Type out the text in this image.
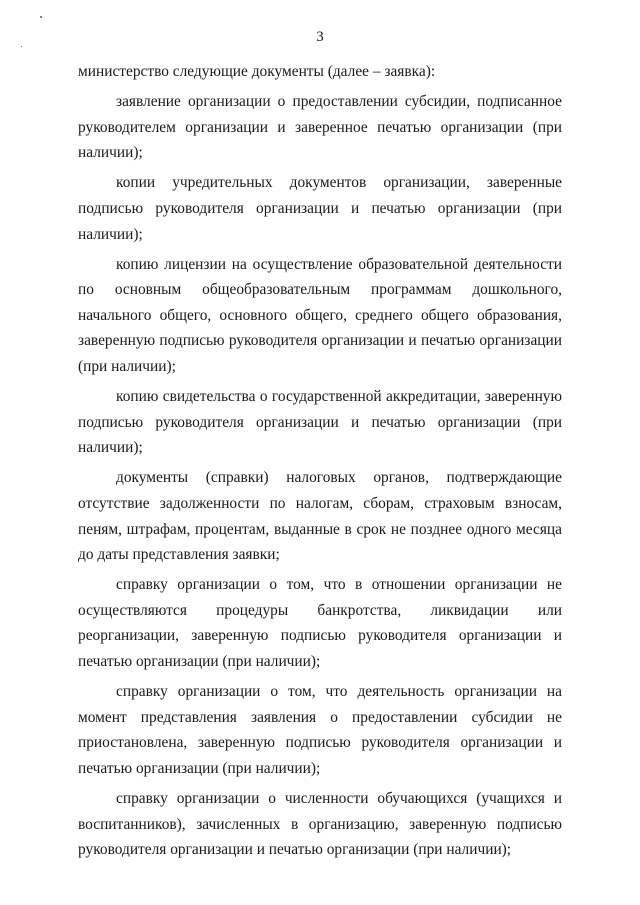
3

министерство следующие документы (далее – заявка):

заявление организации о предоставлении субсидии, подписанное руководителем организации и заверенное печатью организации (при наличии);

копии учредительных документов организации, заверенные подписью руководителя организации и печатью организации (при наличии);

копию лицензии на осуществление образовательной деятельности по основным общеобразовательным программам дошкольного, начального общего, основного общего, среднего общего образования, заверенную подписью руководителя организации и печатью организации (при наличии);

копию свидетельства о государственной аккредитации, заверенную подписью руководителя организации и печатью организации (при наличии);

документы (справки) налоговых органов, подтверждающие отсутствие задолженности по налогам, сборам, страховым взносам, пеням, штрафам, процентам, выданные в срок не позднее одного месяца до даты представления заявки;

справку организации о том, что в отношении организации не осуществляются процедуры банкротства, ликвидации или реорганизации, заверенную подписью руководителя организации и печатью организации (при наличии);

справку организации о том, что деятельность организации на момент представления заявления о предоставлении субсидии не приостановлена, заверенную подписью руководителя организации и печатью организации (при наличии);

справку организации о численности обучающихся (учащихся и воспитанников), зачисленных в организацию, заверенную подписью руководителя организации и печатью организации (при наличии);
